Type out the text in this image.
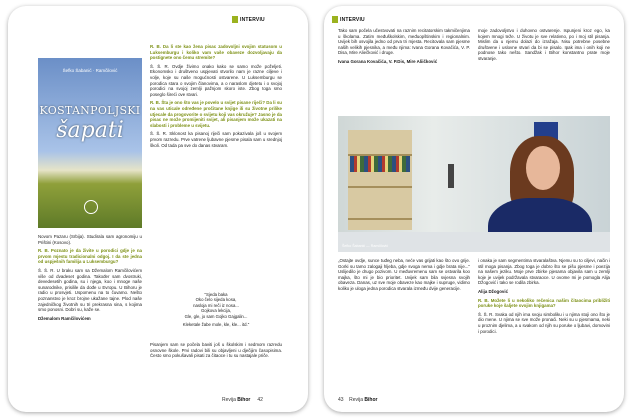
INTERVIU
Šefko Šabanić · Ramčilović
KOSTANPOLJSKI
šapati

Novom Pazaru (Srbija). Studirala sam agronomiju u Prištini (Kosovo).

R. B. Poznato je da živite u porodici gdje je na prvom mjestu tradicionalni odgoj. I da ste jedna od uspješnih familija u Luksemburgu?

Š. Š. R. U braku sam sa Džemalom Ramčilovićem više od dvadeset godina. Također sam dvostruki, devedesetih godina, su i njega, koo i mnoge naše sunarodnike, prisilile da dođe u Evropu. U Bihoru je radio u prosvjeti. Uspomenu na to čuvamo. Nešto poznanstvo je kroz brojne ukažane tajne. Plod naše zajedničkog životnih su tri prekrasna sina, s kojima smo ponosni. Dobri su, kaže se.

Džemalom Ramčilovićem

R. B. Da li ste kao žena pisac zadovoljni svojim statusom u Luksemburgu i koliko vam vaše obaveze dozvoljavaju da postignete ono čemu stremite?

Š. Š. R. Ovdje živimo onako kako se samo može poželjeti. Ekonomsko i društveno uspjevati stvorilo nam je razne ciljeve i volje, koje su naše mogućnosti ostvarene. U Luksemburgu se porodica stara o svojim članovima, a o naraslom djetetu i o svojoj porodici na svojoj zemlji pažnjom skoro iste. Zbog toga smo poseglo šireći ove stvari.

R. B. Šta je ono što vas je povelo u svijet pisane riječi? Da li su na vas uticale određene pročitane knjige ili su životne prilike utjecale da progovorite o svijetu koji vas okružuje? Jasno je da pisac ne može promijeniti svijet, ali pisanjem može ukazati na slabosti i probleme u svijetu.

Š. Š. R. Sklonost ka pisanoj riječi sam pokazivala još u svojem prvom razredu. Prve vatrene ljubavne pjesme pisala sam u srednjoj školi. Od tada pa sve do danas stvaram.

"Sjeda baka
Oko čelo sijeda kosa,
nasloja mi reči iz nosa...
Gojkova lekcija,
Gle, gle, jo sam Gojko Gajgalin...
Kleketale žabe mole, kle, kle... itd."

Pisanjem sam se počela baviti još u školskim i sedmom razredu osnovne škole. Prvi radovi bili su objavljeni u dječijim časopisima. Često smo pokušavali pisati za čitaoce i tu su nastajale priče.

Revija Bihor 42
INTERVIU

Tako sam počela učestvovati na raznim recitatorskim takmičenjima u školama. Zatim međuškolskim, međuopštinskim i regionalnim. Uvijek bih osvojila jedno od prva tri mjesta. Recitovala sam pjesme naših velikih pjesnika, a među njima: Ivana Goranа Kovačića, V. P. Disa, Mire Aliečković i druge.

Ivana Gorana Kovačića, V. P.Dis, Mire Aliičković

moje zadovoljstvo i duhovno ostvarenje. Ispunjeni kroz ego, ka kojem mnogi teže. U životu je sve relativno, po i moj stil pisanja. Mislim da u njemu dolazi do izražaja. Nisu potrebne posebne društvene i uslovne stvari da bi se pisalo. Ipak ima i onih koji ne podnose tako nešto. Sandžak i Bihor konstantno prate moje stvaranje.

Šefko Šabanić — Ramčilović

„Ostajte ovdje, sunce tuđeg neba, neće vas grijati kao što ovo grije. Gorki su tamo zalogaji hljeba, gdje svoga nema i gdje brata nije..." Uslijedilo je drugo pozivom. U međuvremenu sam se ostvarila koo majka, što mi je bio prioritet. Uvijek sam bila svjesna svojih obaveza. Danas, uz sve moje obaveze kao majke i supruge, vidimo koliko je uloga jedna porodica stvarala između dvije generacije.

i onaka je sam segmentima stvaralaštva. Njemu su to ciljevi, način i stil moga pisanja. Zbog toga je dobro što se pišu pjesme i poezija na našem jeziku. Moje prve zbirke pjesama objavila sam u zemlji koje je uvijek podržavala stvaraoce. U ovome mi je pomogla Alija Džogović i tako se rodila zbirka.

Alija Džogović

R. B. Možete li u nekoliko rečenica našim čitaocima približiti poruke koje šaljete svojim knjigama?

Š. Š. R. Svaka od njih ima svoju simboliku i u njima stoji ono što je dio mene. U njima se sve može pronaći. Neki su u pjesmama, neki u proznim djelima, a u svakom od njih su poruke o ljubavi, domovini i porodici.

43 Revija Bihor
